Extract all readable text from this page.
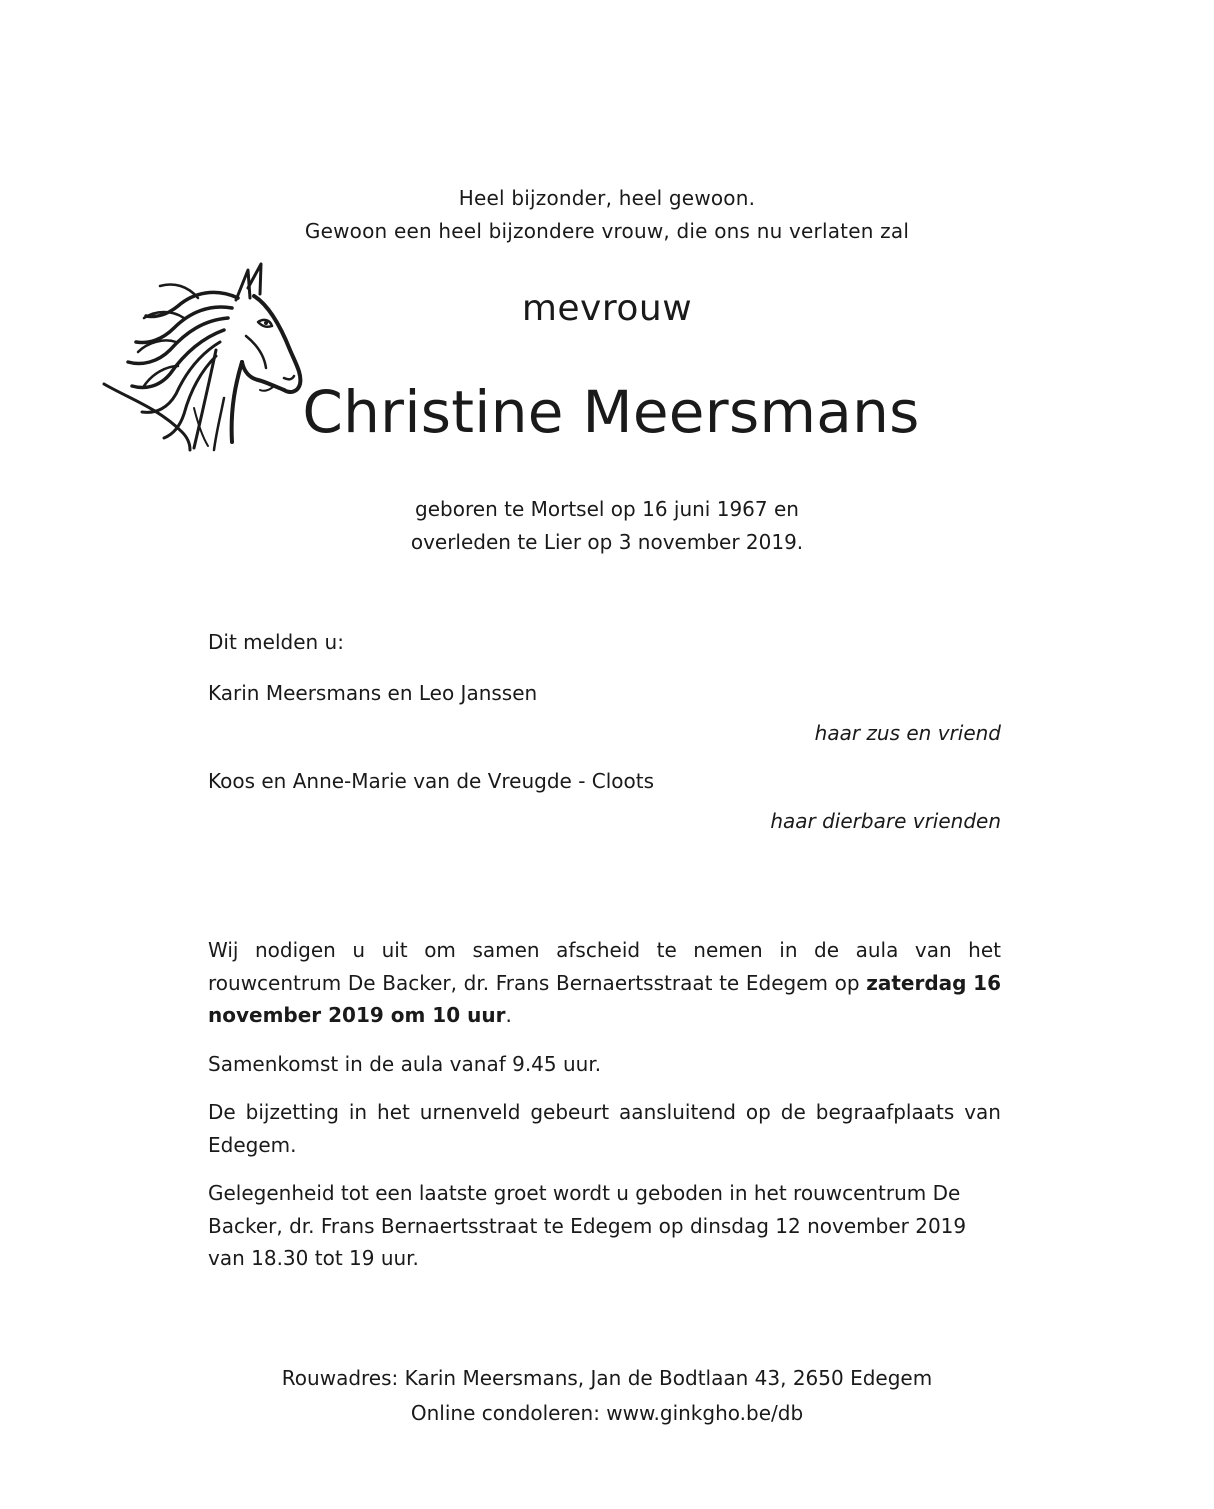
Heel bijzonder, heel gewoon.
Gewoon een heel bijzondere vrouw, die ons nu verlaten zal
mevrouw
Christine Meersmans
geboren te Mortsel op 16 juni 1967 en
overleden te Lier op 3 november 2019.
Dit melden u:
Karin Meersmans en Leo Janssen
haar zus en vriend
Koos en Anne-Marie van de Vreugde - Cloots
haar dierbare vrienden
Wij nodigen u uit om samen afscheid te nemen in de aula van het rouwcentrum De Backer, dr. Frans Bernaertsstraat te Edegem op zaterdag 16 november 2019 om 10 uur.
Samenkomst in de aula vanaf 9.45 uur.
De bijzetting in het urnenveld gebeurt aansluitend op de begraafplaats van Edegem.
Gelegenheid tot een laatste groet wordt u geboden in het rouwcentrum De
Backer, dr. Frans Bernaertsstraat te Edegem op dinsdag 12 november 2019
van 18.30 tot 19 uur.
Rouwadres: Karin Meersmans, Jan de Bodtlaan 43, 2650 Edegem
Online condoleren: www.ginkgho.be/db
